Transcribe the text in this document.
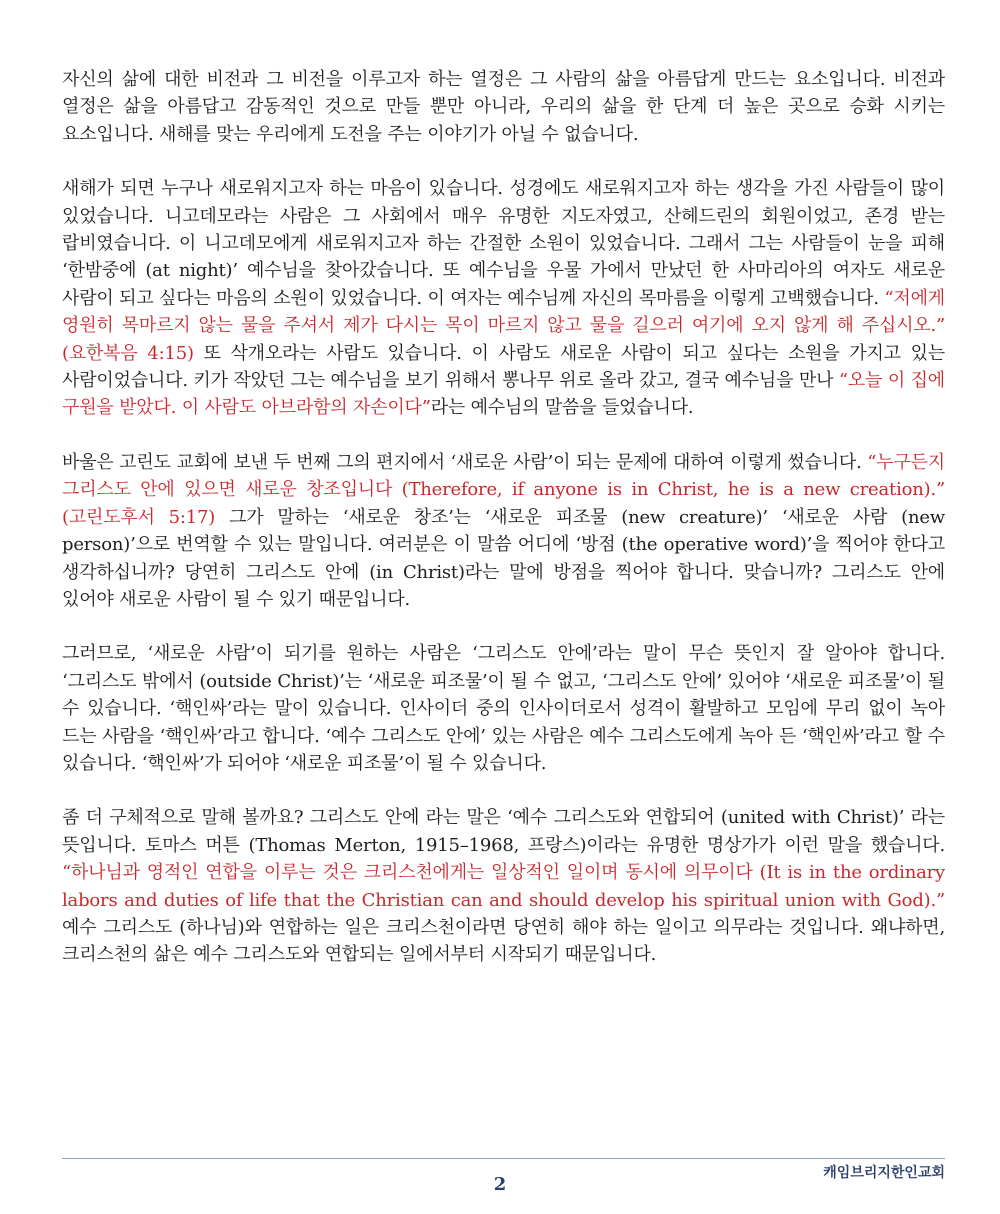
자신의 삶에 대한 비전과 그 비전을 이루고자 하는 열정은 그 사람의 삶을 아름답게 만드는 요소입니다. 비전과 열정은 삶을 아름답고 감동적인 것으로 만들 뿐만 아니라, 우리의 삶을 한 단계 더 높은 곳으로 승화 시키는 요소입니다. 새해를 맞는 우리에게 도전을 주는 이야기가 아닐 수 없습니다.

새해가 되면 누구나 새로워지고자 하는 마음이 있습니다. 성경에도 새로워지고자 하는 생각을 가진 사람들이 많이 있었습니다. 니고데모라는 사람은 그 사회에서 매우 유명한 지도자였고, 산헤드린의 회원이었고, 존경 받는 랍비였습니다. 이 니고데모에게 새로워지고자 하는 간절한 소원이 있었습니다. 그래서 그는 사람들이 눈을 피해 ‘한밤중에 (at night)’ 예수님을 찾아갔습니다. 또 예수님을 우물 가에서 만났던 한 사마리아의 여자도 새로운 사람이 되고 싶다는 마음의 소원이 있었습니다. 이 여자는 예수님께 자신의 목마름을 이렇게 고백했습니다. “저에게 영원히 목마르지 않는 물을 주셔서 제가 다시는 목이 마르지 않고 물을 길으러 여기에 오지 않게 해 주십시오.” (요한복음 4:15) 또 삭개오라는 사람도 있습니다. 이 사람도 새로운 사람이 되고 싶다는 소원을 가지고 있는 사람이었습니다. 키가 작았던 그는 예수님을 보기 위해서 뽕나무 위로 올라 갔고, 결국 예수님을 만나 “오늘 이 집에 구원을 받았다. 이 사람도 아브라함의 자손이다”라는 예수님의 말씀을 들었습니다.

바울은 고린도 교회에 보낸 두 번째 그의 편지에서 ‘새로운 사람’이 되는 문제에 대하여 이렇게 썼습니다. “누구든지 그리스도 안에 있으면 새로운 창조입니다 (Therefore, if anyone is in Christ, he is a new creation).” (고린도후서 5:17) 그가 말하는 ‘새로운 창조’는 ‘새로운 피조물 (new creature)’ ‘새로운 사람 (new person)’으로 번역할 수 있는 말입니다. 여러분은 이 말씀 어디에 ‘방점 (the operative word)’을 찍어야 한다고 생각하십니까? 당연히 그리스도 안에 (in Christ)라는 말에 방점을 찍어야 합니다. 맞습니까? 그리스도 안에 있어야 새로운 사람이 될 수 있기 때문입니다.

그러므로, ‘새로운 사람’이 되기를 원하는 사람은 ‘그리스도 안에’라는 말이 무슨 뜻인지 잘 알아야 합니다. ‘그리스도 밖에서 (outside Christ)’는 ‘새로운 피조물’이 될 수 없고, ‘그리스도 안에’ 있어야 ‘새로운 피조물’이 될 수 있습니다. ‘핵인싸’라는 말이 있습니다. 인사이더 중의 인사이더로서 성격이 활발하고 모임에 무리 없이 녹아 드는 사람을 ‘핵인싸’라고 합니다. ‘예수 그리스도 안에’ 있는 사람은 예수 그리스도에게 녹아 든 ‘핵인싸’라고 할 수 있습니다. ‘핵인싸’가 되어야 ‘새로운 피조물’이 될 수 있습니다.

좀 더 구체적으로 말해 볼까요? 그리스도 안에 라는 말은 ‘예수 그리스도와 연합되어 (united with Christ)’ 라는 뜻입니다. 토마스 머튼 (Thomas Merton, 1915–1968, 프랑스)이라는 유명한 명상가가 이런 말을 했습니다. “하나님과 영적인 연합을 이루는 것은 크리스천에게는 일상적인 일이며 동시에 의무이다 (It is in the ordinary labors and duties of life that the Christian can and should develop his spiritual union with God).” 예수 그리스도 (하나님)와 연합하는 일은 크리스천이라면 당연히 해야 하는 일이고 의무라는 것입니다. 왜냐하면, 크리스천의 삶은 예수 그리스도와 연합되는 일에서부터 시작되기 때문입니다.

캐임브리지한인교회
2
